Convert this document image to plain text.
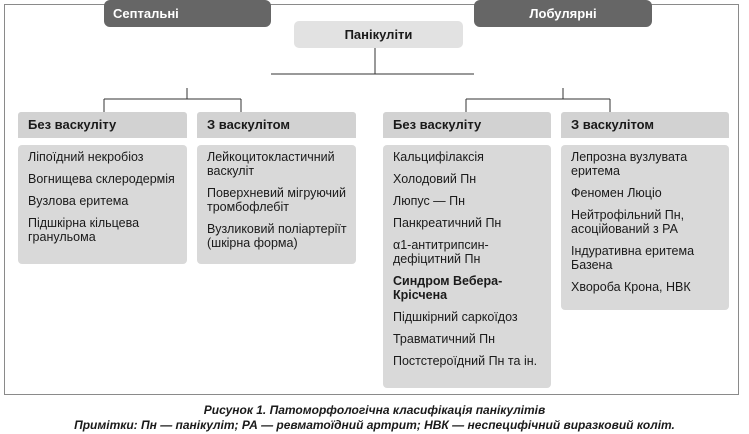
Панікуліти
Септальні	Лобулярні
Без васкуліту
Ліпоїдний некробіоз
Вогнищева склеродермія
Вузлова еритема
Підшкірна кільцева гранульома
З васкулітом
Лейкоцитокластичний васкуліт
Поверхневий мігруючий тромбофлебіт
Вузликовий поліартеріїт (шкірна форма)
Без васкуліту
Кальцифілаксія
Холодовий Пн
Люпус — Пн
Панкреатичний Пн
α1-антитрипсин-дефіцитний Пн
Синдром Вебера-Крісчена
Підшкірний саркоїдоз
Травматичний Пн
Постстероїдний Пн та ін.
З васкулітом
Лепрозна вузлувата еритема
Феномен Люціо
Нейтрофільний Пн, асоційований з РА
Індуративна еритема Базена
Хвороба Крона, НВК
Рисунок 1. Патоморфологічна класифікація панікулітів
Примітки: Пн — панікуліт; РА — ревматоїдний артрит; НВК — неспецифічний виразковий коліт.
